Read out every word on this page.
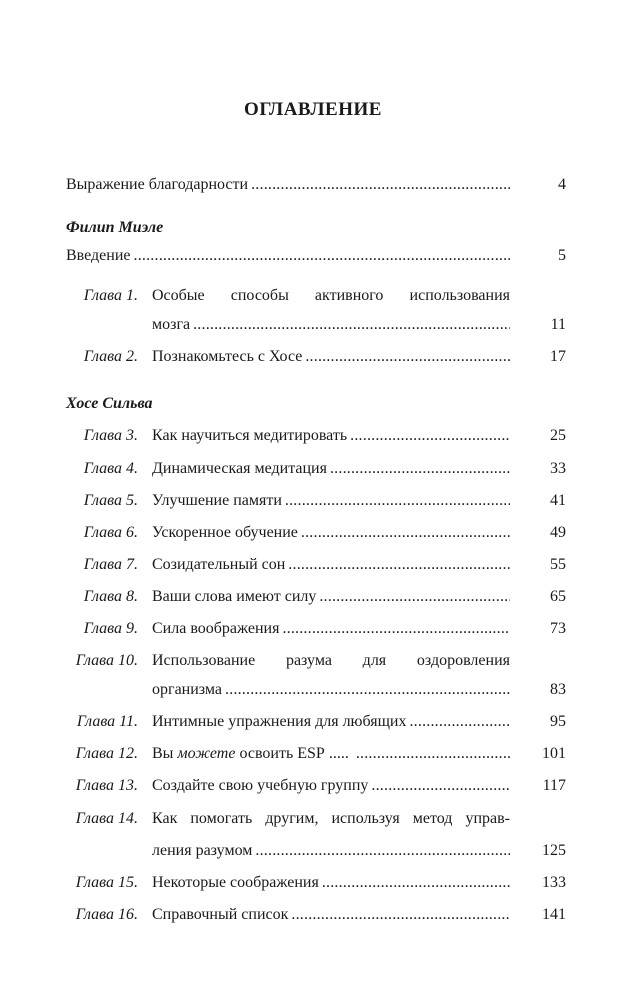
ОГЛАВЛЕНИЕ
Выражение благодарности .....	4
Филип Миэле
Введение .....	5
Глава 1. Особые способы активного использования
мозга .....	11
Глава 2. Познакомьтесь с Хосе .....	17
Хосе Сильва
Глава 3. Как научиться медитировать .....	25
Глава 4. Динамическая медитация .....	33
Глава 5. Улучшение памяти .....	41
Глава 6. Ускоренное обучение .....	49
Глава 7. Созидательный сон .....	55
Глава 8. Ваши слова имеют силу .....	65
Глава 9. Сила воображения .....	73
Глава 10. Использование разума для оздоровления
организма .....	83
Глава 11. Интимные упражнения для любящих .....	95
Глава 12. Вы можете освоить ESP ..... .....	101
Глава 13. Создайте свою учебную группу .....	117
Глава 14. Как помогать другим, используя метод управ-
ления разумом .....	125
Глава 15. Некоторые соображения .....	133
Глава 16. Справочный список .....	141
